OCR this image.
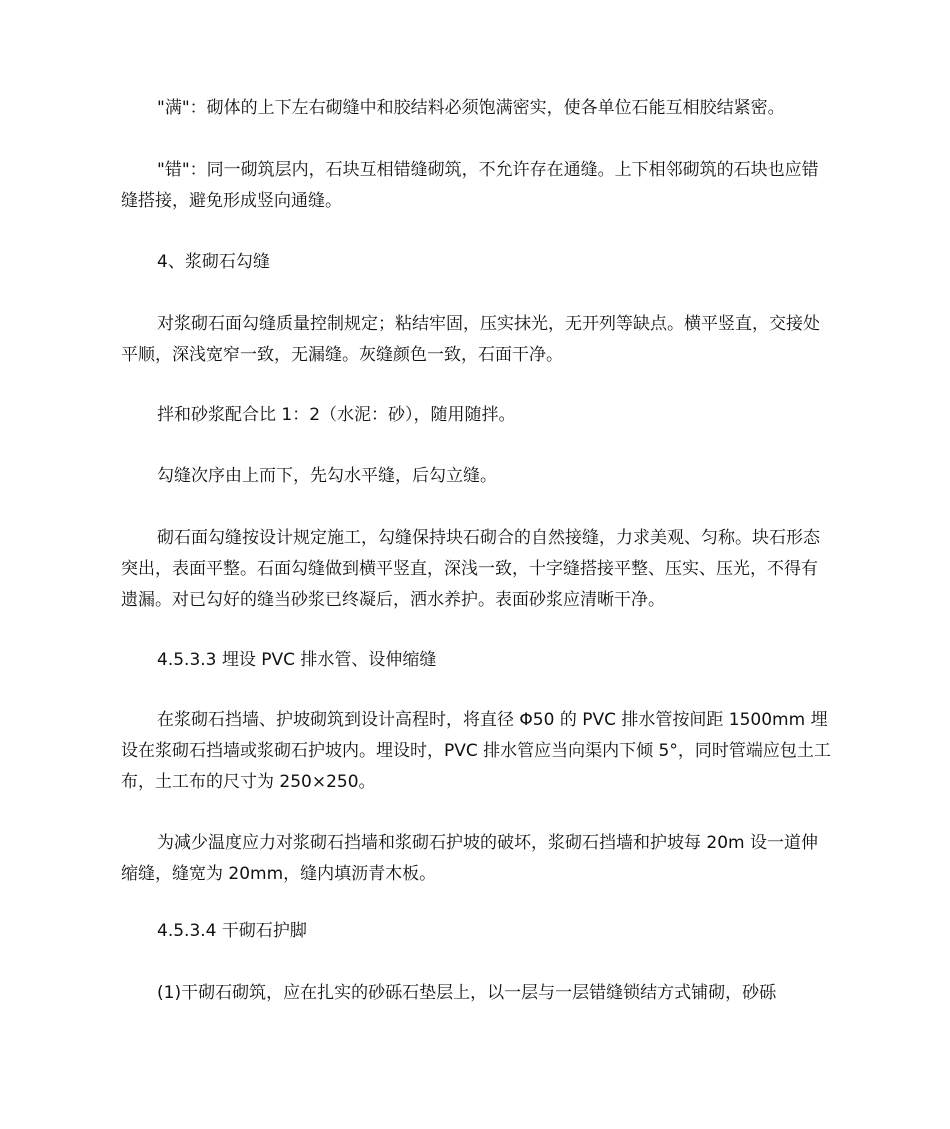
"满"：砌体的上下左右砌缝中和胶结料必须饱满密实，使各单位石能互相胶结紧密。

"错"：同一砌筑层内，石块互相错缝砌筑，不允许存在通缝。上下相邻砌筑的石块也应错缝搭接，避免形成竖向通缝。

4、浆砌石勾缝

对浆砌石面勾缝质量控制规定；粘结牢固，压实抹光，无开列等缺点。横平竖直，交接处平顺，深浅宽窄一致，无漏缝。灰缝颜色一致，石面干净。

拌和砂浆配合比 1：2（水泥：砂），随用随拌。

勾缝次序由上而下，先勾水平缝，后勾立缝。

砌石面勾缝按设计规定施工，勾缝保持块石砌合的自然接缝，力求美观、匀称。块石形态突出，表面平整。石面勾缝做到横平竖直，深浅一致，十字缝搭接平整、压实、压光，不得有遗漏。对已勾好的缝当砂浆已终凝后，洒水养护。表面砂浆应清晰干净。

4.5.3.3 埋设 PVC 排水管、设伸缩缝

在浆砌石挡墙、护坡砌筑到设计高程时，将直径 Φ50 的 PVC 排水管按间距 1500mm 埋设在浆砌石挡墙或浆砌石护坡内。埋设时，PVC 排水管应当向渠内下倾 5°，同时管端应包土工布，土工布的尺寸为 250×250。

为减少温度应力对浆砌石挡墙和浆砌石护坡的破坏，浆砌石挡墙和护坡每 20m 设一道伸缩缝，缝宽为 20mm，缝内填沥青木板。

4.5.3.4 干砌石护脚

(1)干砌石砌筑，应在扎实的砂砾石垫层上，以一层与一层错缝锁结方式铺砌，砂砾
